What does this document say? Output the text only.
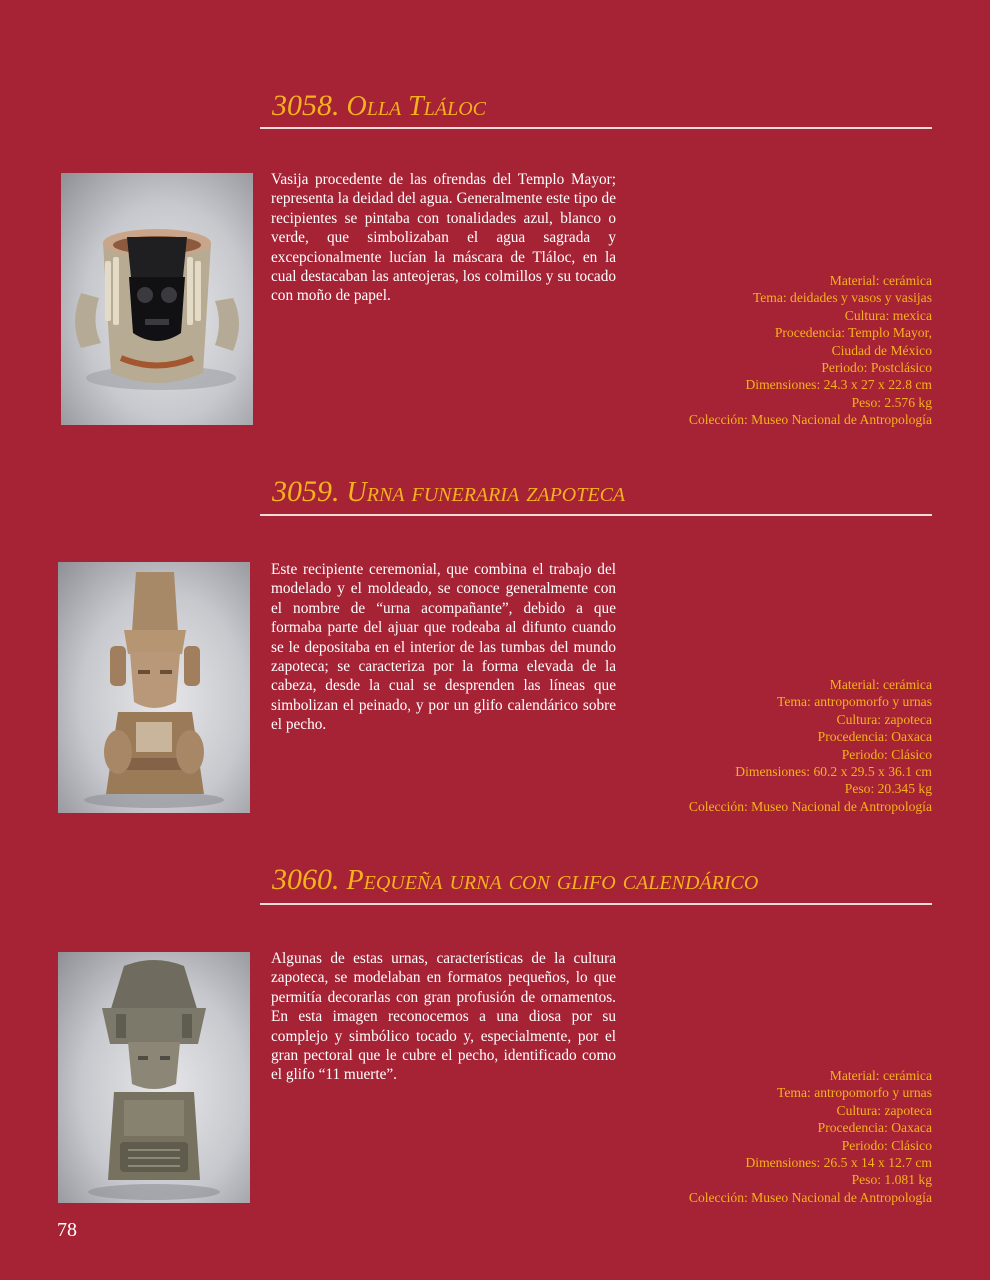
3058. Olla Tláloc
Vasija procedente de las ofrendas del Templo Mayor; representa la deidad del agua. Generalmente este tipo de recipientes se pintaba con tonalidades azul, blanco o verde, que simbolizaban el agua sagrada y excepcionalmente lucían la máscara de Tláloc, en la cual destacaban las anteojeras, los colmillos y su tocado con moño de papel.
Material: cerámica
Tema: deidades y vasos y vasijas
Cultura: mexica
Procedencia: Templo Mayor,
Ciudad de México
Periodo: Postclásico
Dimensiones: 24.3 x 27 x 22.8 cm
Peso: 2.576 kg
Colección: Museo Nacional de Antropología
3059. Urna funeraria zapoteca
Este recipiente ceremonial, que combina el trabajo del modelado y el moldeado, se conoce generalmente con el nombre de “urna acompañante”, debido a que formaba parte del ajuar que rodeaba al difunto cuando se le depositaba en el interior de las tumbas del mundo zapoteca; se caracteriza por la forma elevada de la cabeza, desde la cual se desprenden las líneas que simbolizan el peinado, y por un glifo calendárico sobre el pecho.
Material: cerámica
Tema: antropomorfo y urnas
Cultura: zapoteca
Procedencia: Oaxaca
Periodo: Clásico
Dimensiones: 60.2 x 29.5 x 36.1 cm
Peso: 20.345 kg
Colección: Museo Nacional de Antropología
3060. Pequeña urna con glifo calendárico
Algunas de estas urnas, características de la cultura zapoteca, se modelaban en formatos pequeños, lo que permitía decorarlas con gran profusión de ornamentos. En esta imagen reconocemos a una diosa por su complejo y simbólico tocado y, especialmente, por el gran pectoral que le cubre el pecho, identificado como el glifo “11 muerte”.	Material: cerámica
Tema: antropomorfo y urnas
Cultura: zapoteca
Procedencia: Oaxaca
Periodo: Clásico
Dimensiones: 26.5 x 14 x 12.7 cm
Peso: 1.081 kg
Colección: Museo Nacional de Antropología
78
